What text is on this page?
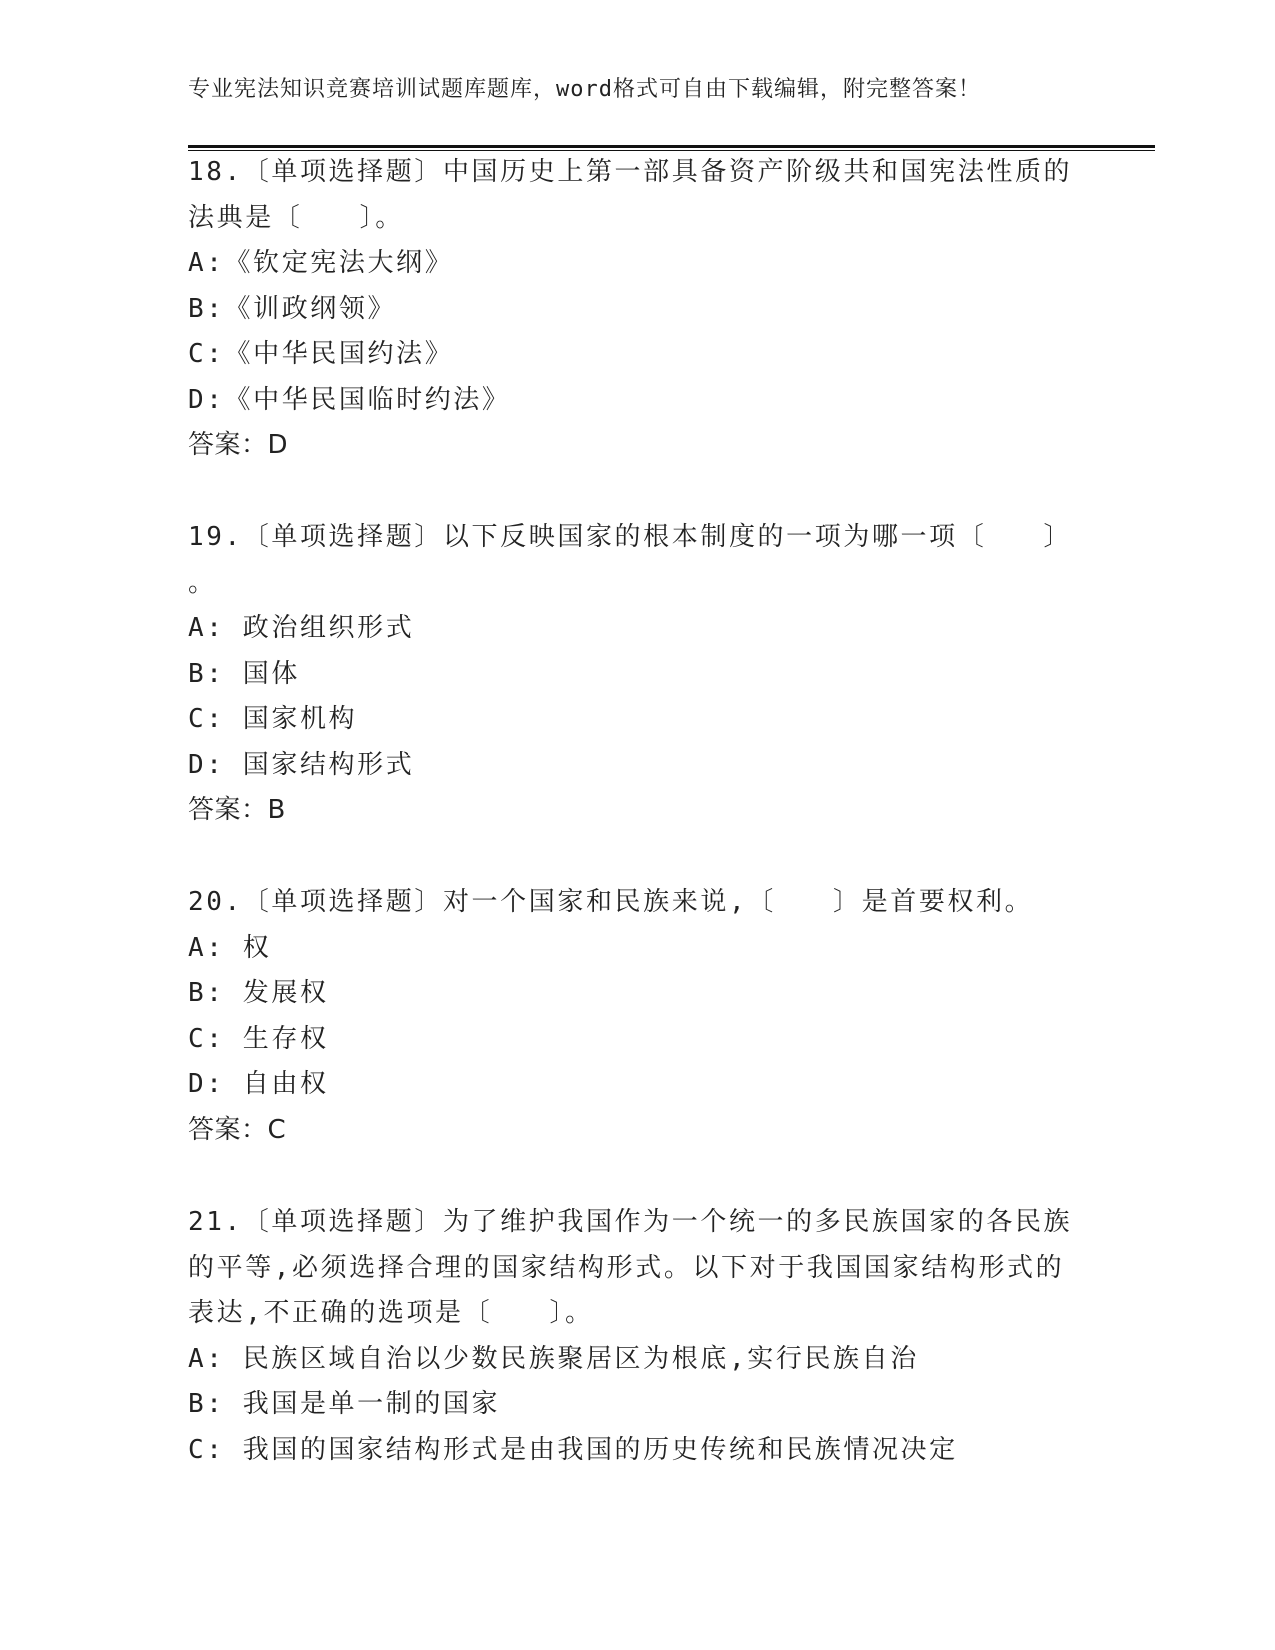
专业宪法知识竞赛培训试题库题库，word格式可自由下载编辑，附完整答案！
18.〔单项选择题〕中国历史上第一部具备资产阶级共和国宪法性质的
法典是〔　　〕。
A:《钦定宪法大纲》
B:《训政纲领》
C:《中华民国约法》
D:《中华民国临时约法》
答案：D
19.〔单项选择题〕以下反映国家的根本制度的一项为哪一项〔　　〕
。
A: 政治组织形式
B: 国体
C: 国家机构
D: 国家结构形式
答案：B
20.〔单项选择题〕对一个国家和民族来说,〔　　〕是首要权利。
A: 权
B: 发展权
C: 生存权
D: 自由权
答案：C
21.〔单项选择题〕为了维护我国作为一个统一的多民族国家的各民族
的平等,必须选择合理的国家结构形式。以下对于我国国家结构形式的
表达,不正确的选项是〔　　〕。
A: 民族区域自治以少数民族聚居区为根底,实行民族自治
B: 我国是单一制的国家
C: 我国的国家结构形式是由我国的历史传统和民族情况决定
